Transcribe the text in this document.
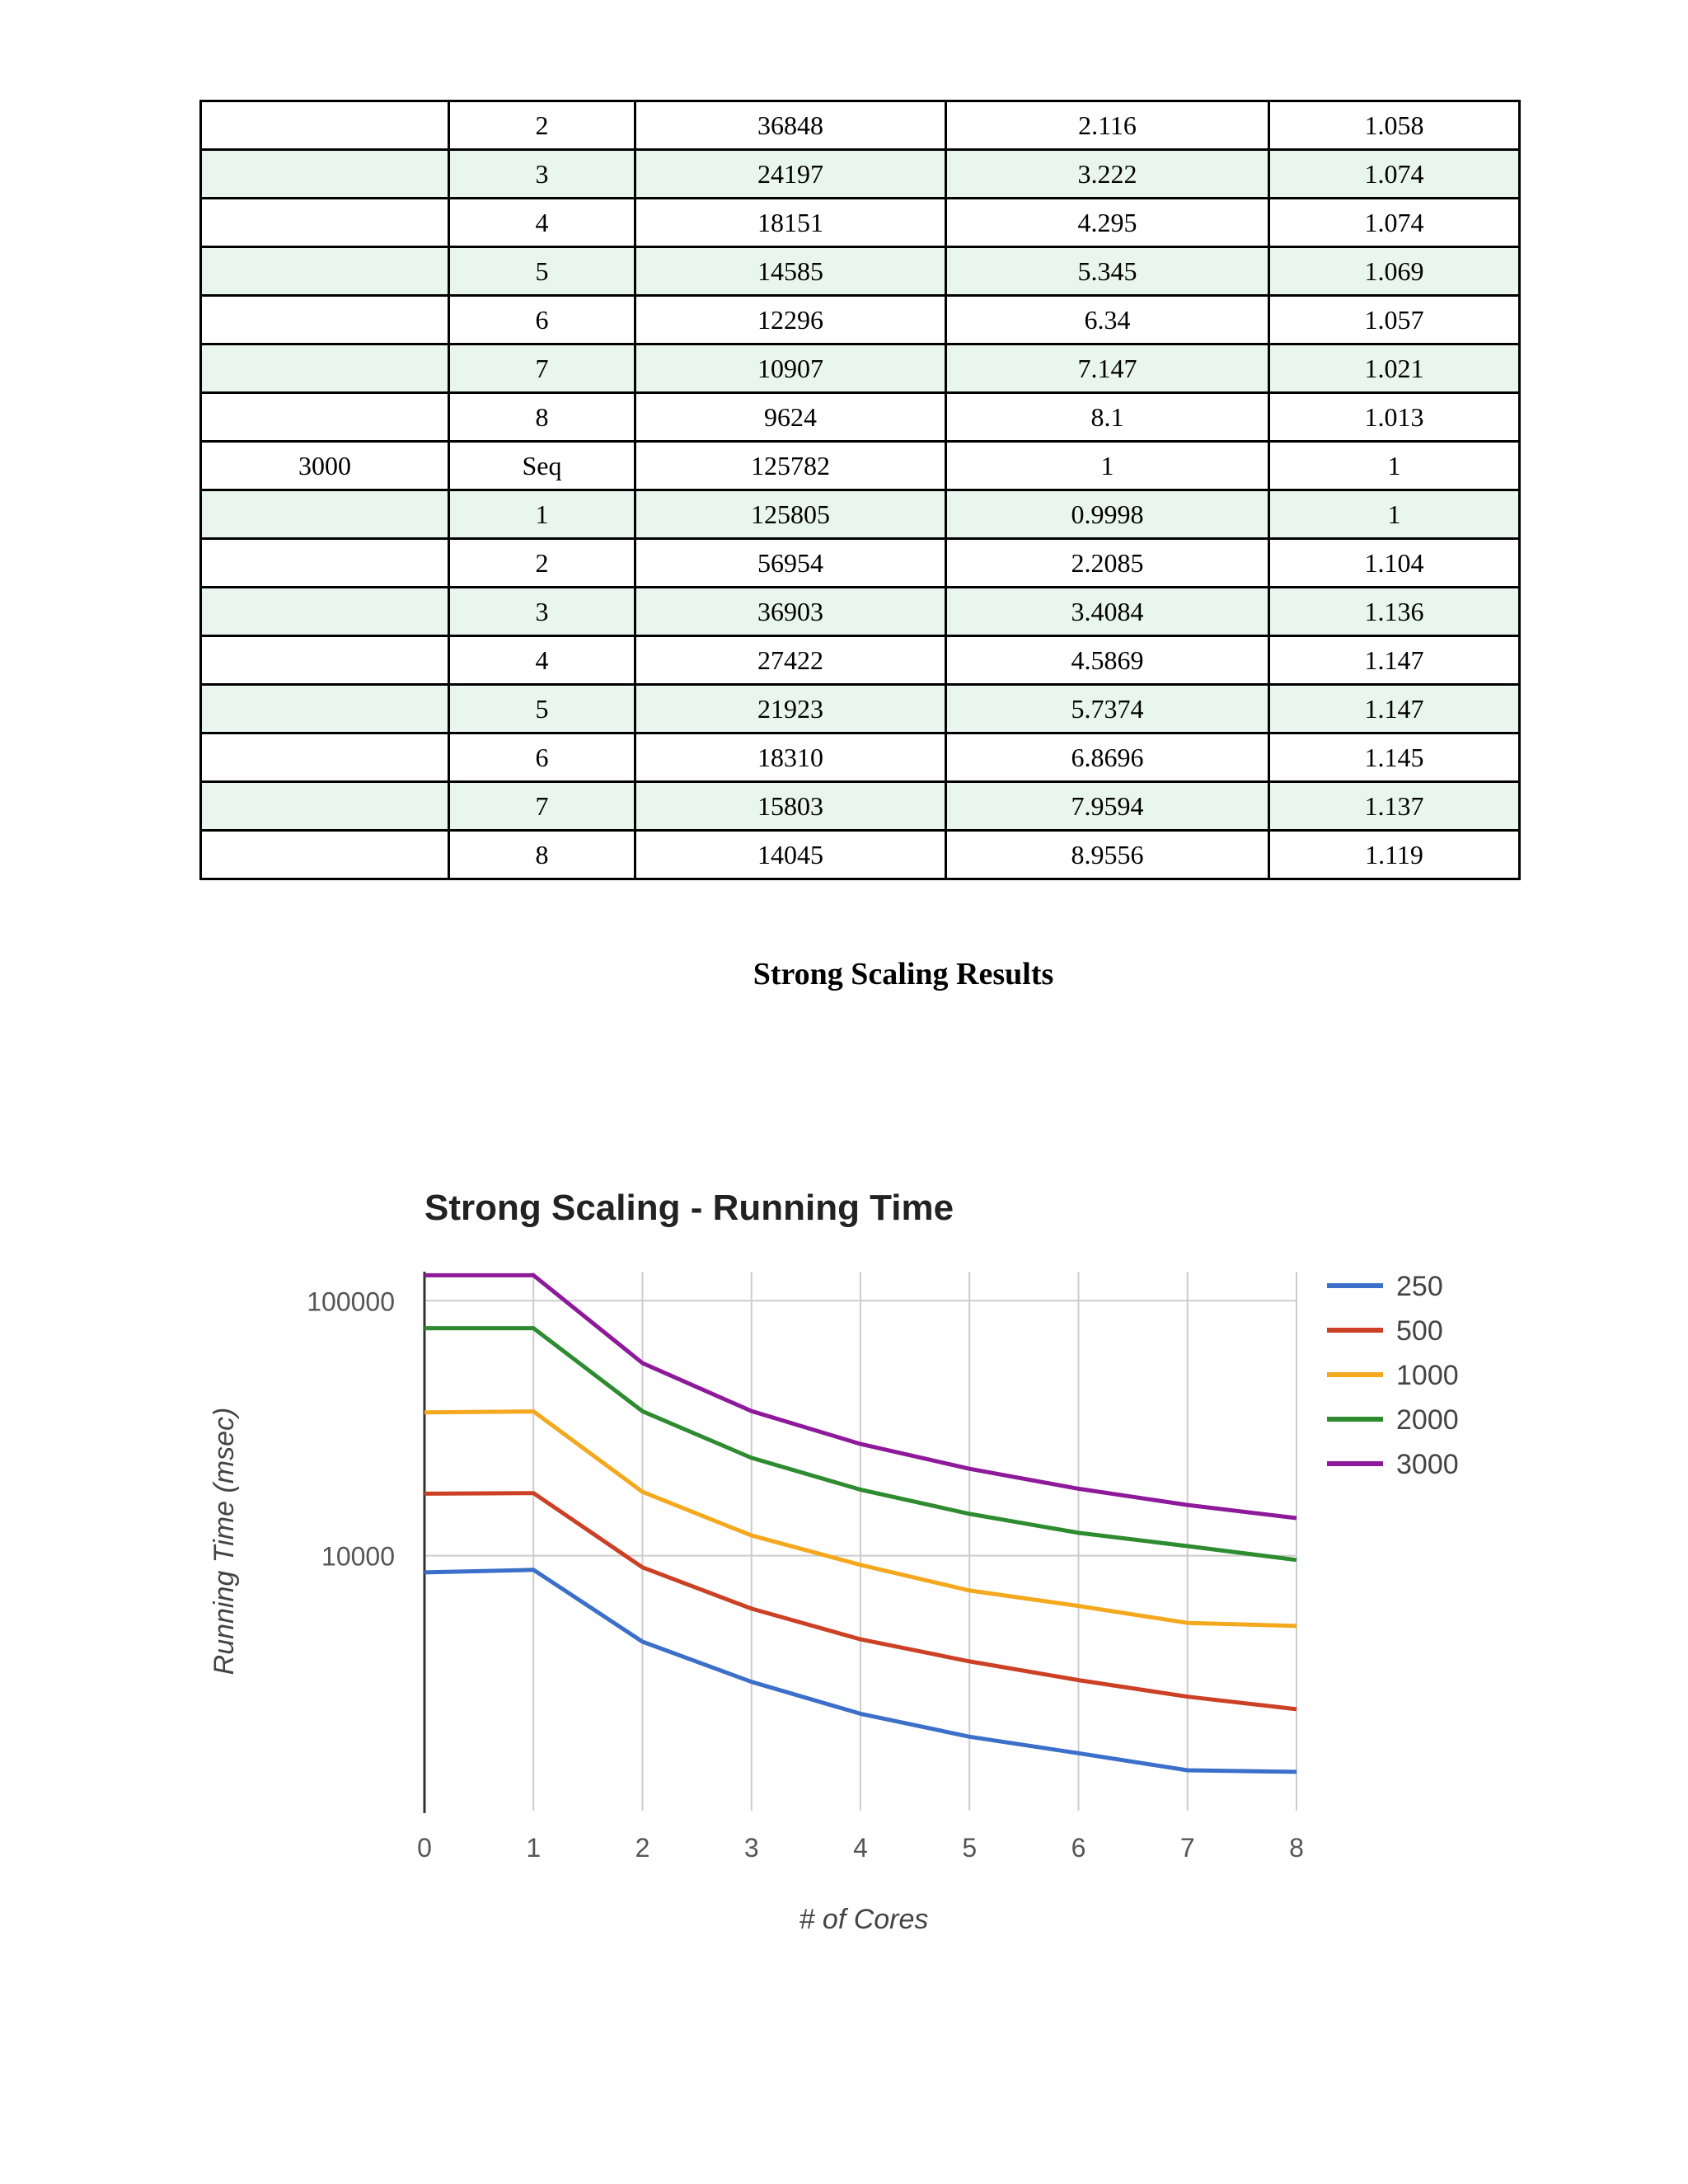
	2	36848	2.116	1.058
	3	24197	3.222	1.074
	4	18151	4.295	1.074
	5	14585	5.345	1.069
	6	12296	6.34	1.057
	7	10907	7.147	1.021
	8	9624	8.1	1.013
3000	Seq	125782	1	1
	1	125805	0.9998	1
	2	56954	2.2085	1.104
	3	36903	3.4084	1.136
	4	27422	4.5869	1.147
	5	21923	5.7374	1.147
	6	18310	6.8696	1.145
	7	15803	7.9594	1.137
	8	14045	8.9556	1.119
Strong Scaling Results
Strong Scaling - Running Time
0	1	2	3	4	5	6	7	8
10000
100000	250
500
1000
2000
3000
# of Cores
Running Time (msec)
